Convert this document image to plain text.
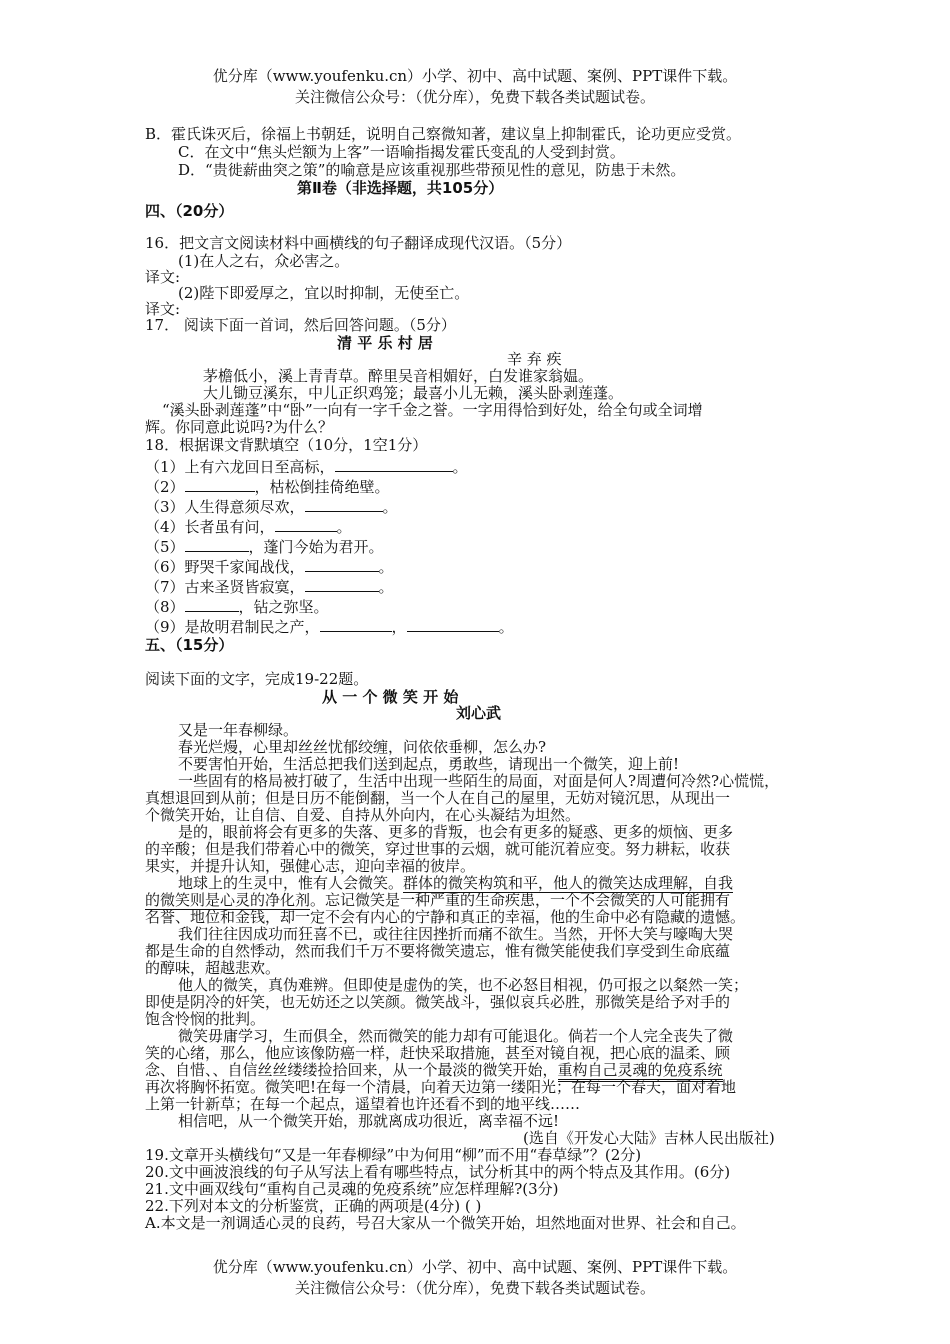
优分库（www.youfenku.cn）小学、初中、高中试题、案例、PPT课件下载。
关注微信公众号：（优分库），免费下载各类试题试卷。
B．霍氏诛灭后，徐福上书朝廷，说明自己察微知著，建议皇上抑制霍氏，论功更应受赏。
C．在文中“焦头烂额为上客”一语喻指揭发霍氏变乱的人受到封赏。
D．“贵徙薪曲突之策”的喻意是应该重视那些带预见性的意见，防患于未然。
第Ⅱ卷（非选择题，共105分）
四、（20分）
16．把文言文阅读材料中画横线的句子翻译成现代汉语。（5分）
(1)在人之右，众必害之。
译文:
(2)陛下即爱厚之，宜以时抑制，无使至亡。
译文:
17． 阅读下面一首词，然后回答问题。（5分）
清 平 乐 村 居
辛 弃 疾
茅檐低小，溪上青青草。醉里吴音相媚好，白发谁家翁媪。
大儿锄豆溪东，中儿正织鸡笼；最喜小儿无赖，溪头卧剥莲蓬。
“溪头卧剥莲蓬”中“卧”一向有一字千金之誉。一字用得恰到好处，给全句或全词增
辉。你同意此说吗?为什么？
18．根据课文背默填空（10分，1空1分）
（1）上有六龙回日至高标，	。
（2）	，枯松倒挂倚绝壁。
（3）人生得意须尽欢，	。
（4）长者虽有问，	。
（5）	，蓬门今始为君开。
（6）野哭千家闻战伐，	。
（7）古来圣贤皆寂寞，	。
（8）	，钻之弥坚。
（9）是故明君制民之产，	，	。
五、（15分）
阅读下面的文字，完成19-22题。
从 一 个 微 笑 开 始
刘心武
又是一年春柳绿。
春光烂熳，心里却丝丝忧郁绞缠，问依依垂柳，怎么办?
不要害怕开始，生活总把我们送到起点，勇敢些，请现出一个微笑，迎上前!
一些固有的格局被打破了，生活中出现一些陌生的局面，对面是何人?周遭何冷然?心慌慌，
真想退回到从前；但是日历不能倒翻，当一个人在自己的屋里，无妨对镜沉思，从现出一
个微笑开始，让自信、自爱、自持从外向内，在心头凝结为坦然。
是的，眼前将会有更多的失落、更多的背叛，也会有更多的疑惑、更多的烦恼、更多
的辛酸；但是我们带着心中的微笑，穿过世事的云烟，就可能沉着应变。努力耕耘，收获
果实，并提升认知，强健心志，迎向幸福的彼岸。
地球上的生灵中，惟有人会微笑。群体的微笑构筑和平，他人的微笑达成理解，自我
的微笑则是心灵的净化剂。忘记微笑是一种严重的生命疾患，一个不会微笑的人可能拥有
名誉、地位和金钱，却一定不会有内心的宁静和真正的幸福，他的生命中必有隐藏的遗憾。
我们往往因成功而狂喜不已，或往往因挫折而痛不欲生。当然，开怀大笑与嚎啕大哭
都是生命的自然悸动，然而我们千万不要将微笑遗忘，惟有微笑能使我们享受到生命底蕴
的醇味，超越悲欢。
他人的微笑，真伪难辨。但即使是虚伪的笑，也不必怒目相视，仍可报之以粲然一笑；
即使是阴冷的奸笑，也无妨还之以笑颜。微笑战斗，强似哀兵必胜，那微笑是给予对手的
饱含怜悯的批判。
微笑毋庸学习，生而俱全，然而微笑的能力却有可能退化。倘若一个人完全丧失了微
笑的心绪，那么，他应该像防癌一样，赶快采取措施，甚至对镜自视，把心底的温柔、顾
念、自惜、、自信丝丝缕缕捡拾回来，从一个最淡的微笑开始，重构自己灵魂的免疫系统
再次将胸怀拓宽。微笑吧!在每一个清晨，向着天边第一缕阳光；在每一个春天，面对着地
上第一针新草；在每一个起点，遥望着也许还看不到的地平线……
相信吧，从一个微笑开始，那就离成功很近，离幸福不远!
(选自《开发心大陆》吉林人民出版社)
19.文章开头横线句“又是一年春柳绿”中为何用“柳”而不用“春草绿”？(2分)
20.文中画波浪线的句子从写法上看有哪些特点，试分析其中的两个特点及其作用。(6分)
21.文中画双线句“重构自己灵魂的免疫系统”应怎样理解?(3分)
22.下列对本文的分析鉴赏，正确的两项是(4分) ( )
A.本文是一剂调适心灵的良药，号召大家从一个微笑开始，坦然地面对世界、社会和自己。
优分库（www.youfenku.cn）小学、初中、高中试题、案例、PPT课件下载。
关注微信公众号：（优分库），免费下载各类试题试卷。
